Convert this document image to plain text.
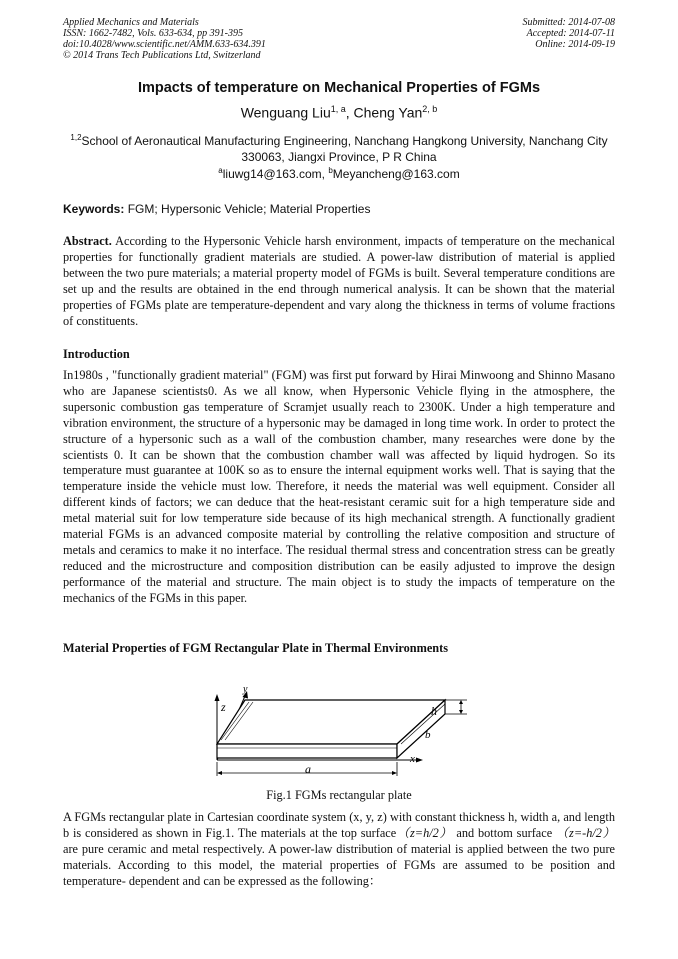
Applied Mechanics and Materials
ISSN: 1662-7482, Vols. 633-634, pp 391-395
doi:10.4028/www.scientific.net/AMM.633-634.391
© 2014 Trans Tech Publications Ltd, Switzerland
Submitted: 2014-07-08
Accepted: 2014-07-11
Online: 2014-09-19
Impacts of temperature on Mechanical Properties of FGMs
Wenguang Liu$^{1, a}$, Cheng Yan$^{2, b}$
$^{1,2}$School of Aeronautical Manufacturing Engineering, Nanchang Hangkong University, Nanchang City 330063, Jiangxi Province, P R China
$^a$liuwg14@163.com, $^b$Meyancheng@163.com
Keywords: FGM; Hypersonic Vehicle; Material Properties
Abstract. According to the Hypersonic Vehicle harsh environment, impacts of temperature on the mechanical properties for functionally gradient materials are studied. A power-law distribution of material is applied between the two pure materials; a material property model of FGMs is built. Several temperature conditions are set up and the results are obtained in the end through numerical analysis. It can be shown that the material properties of FGMs plate are temperature-dependent and vary along the thickness in terms of volume fractions of constituents.
Introduction
In1980s , "functionally gradient material" (FGM) was first put forward by Hirai Minwoong and Shinno Masano who are Japanese scientists0. As we all know, when Hypersonic Vehicle flying in the atmosphere, the supersonic combustion gas temperature of Scramjet usually reach to 2300K. Under a high temperature and vibration environment, the structure of a hypersonic may be damaged in long time work. In order to protect the structure of a hypersonic such as a wall of the combustion chamber, many researches were done by the scientists 0. It can be shown that the combustion chamber wall was affected by liquid hydrogen. So its temperature must guarantee at 100K so as to ensure the internal equipment works well. That is saying that the temperature inside the vehicle must low. Therefore, it needs the material was well equipment. Consider all different kinds of factors; we can deduce that the heat-resistant ceramic suit for a high temperature side and metal material suit for low temperature side because of its high mechanical strength. A functionally gradient material FGMs is an advanced composite material by controlling the relative composition and structure of metals and ceramics to make it no interface. The residual thermal stress and concentration stress can be greatly reduced and the microstructure and composition distribution can be easily adjusted to improve the design performance of the material and structure. The main object is to study the impacts of temperature on the mechanics of the FGMs in this paper.
Material Properties of FGM Rectangular Plate in Thermal Environments
y
z	h
b
x
a
Fig.1 FGMs rectangular plate
A FGMs rectangular plate in Cartesian coordinate system (x, y, z) with constant thickness h, width a, and length b is considered as shown in Fig.1. The materials at the top surface（z=h/2） and bottom surface （z=-h/2） are pure ceramic and metal respectively. A power-law distribution of material is applied between the two pure materials. According to this model, the material properties of FGMs are assumed to be position and temperature- dependent and can be expressed as the following：
